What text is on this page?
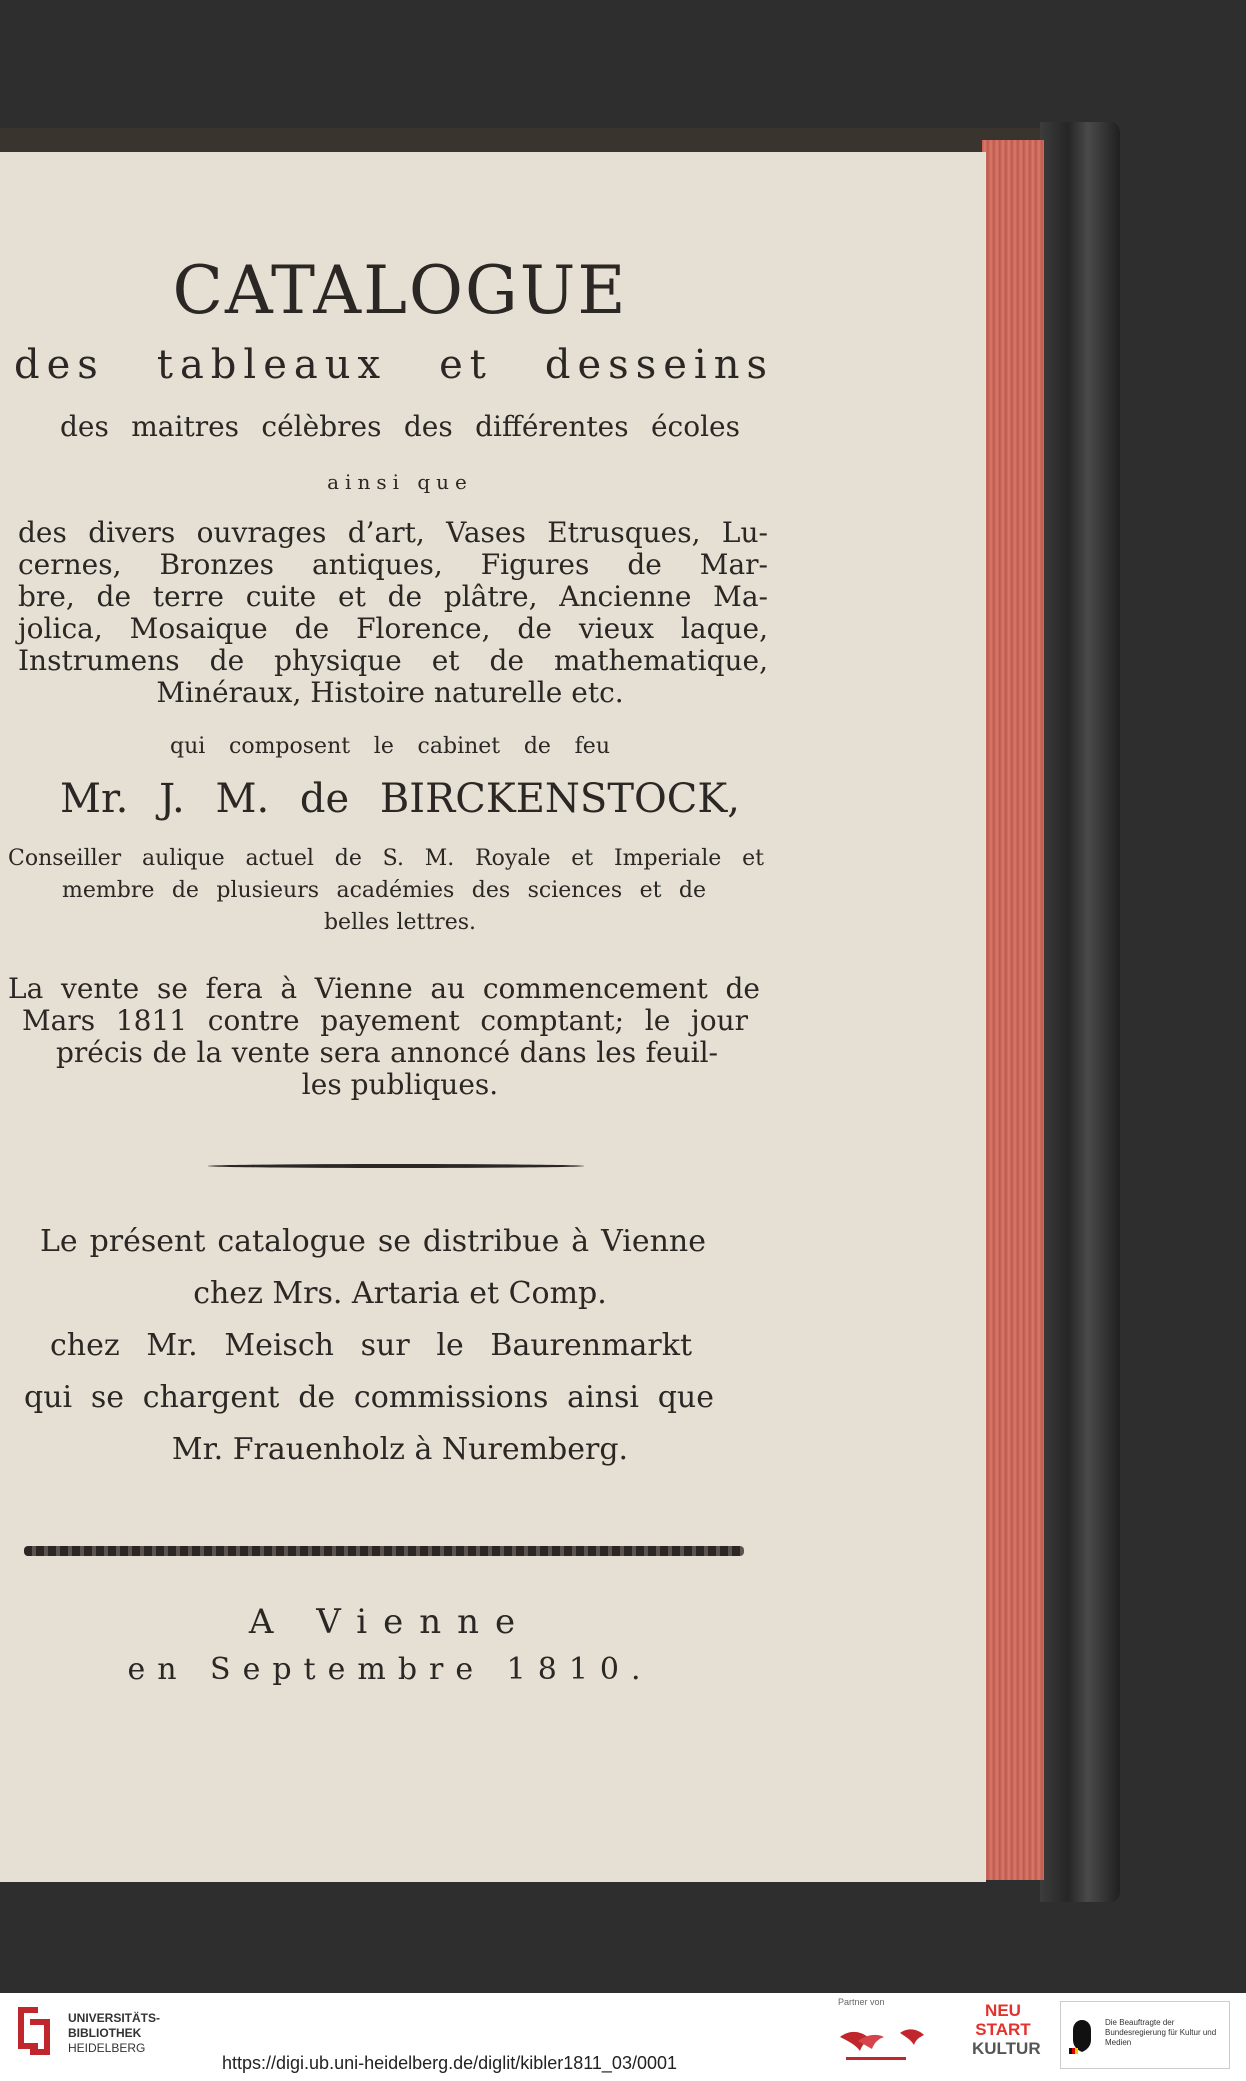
CATALOGUE
des tableaux et desseins
des maitres célèbres des différentes écoles
ainsi que
des divers ouvrages d’art, Vases Etrusques, Lu-
cernes, Bronzes antiques, Figures de Mar-
bre, de terre cuite et de plâtre, Ancienne Ma-
jolica, Mosaique de Florence, de vieux laque,
Instrumens de physique et de mathematique,
Minéraux, Histoire naturelle etc.
qui composent le cabinet de feu
Mr. J. M. de BIRCKENSTOCK,
Conseiller aulique actuel de S. M. Royale et Imperiale et
membre de plusieurs académies des sciences et de
belles lettres.
La vente se fera à Vienne au commencement de
Mars 1811 contre payement comptant; le jour
précis de la vente sera annoncé dans les feuil-
les publiques.
Le présent catalogue se distribue à Vienne
chez Mrs. Artaria et Comp.
chez Mr. Meisch sur le Baurenmarkt
qui se chargent de commissions ainsi que
Mr. Frauenholz à Nuremberg.
A Vienne
en Septembre 1810.
UNIVERSITÄTS-
BIBLIOTHEK
HEIDELBERG
https://digi.ub.uni-heidelberg.de/diglit/kibler1811_03/0001
Partner von	NEU
START
KULTUR
Die Beauftragte der Bundesregierung für Kultur und Medien
